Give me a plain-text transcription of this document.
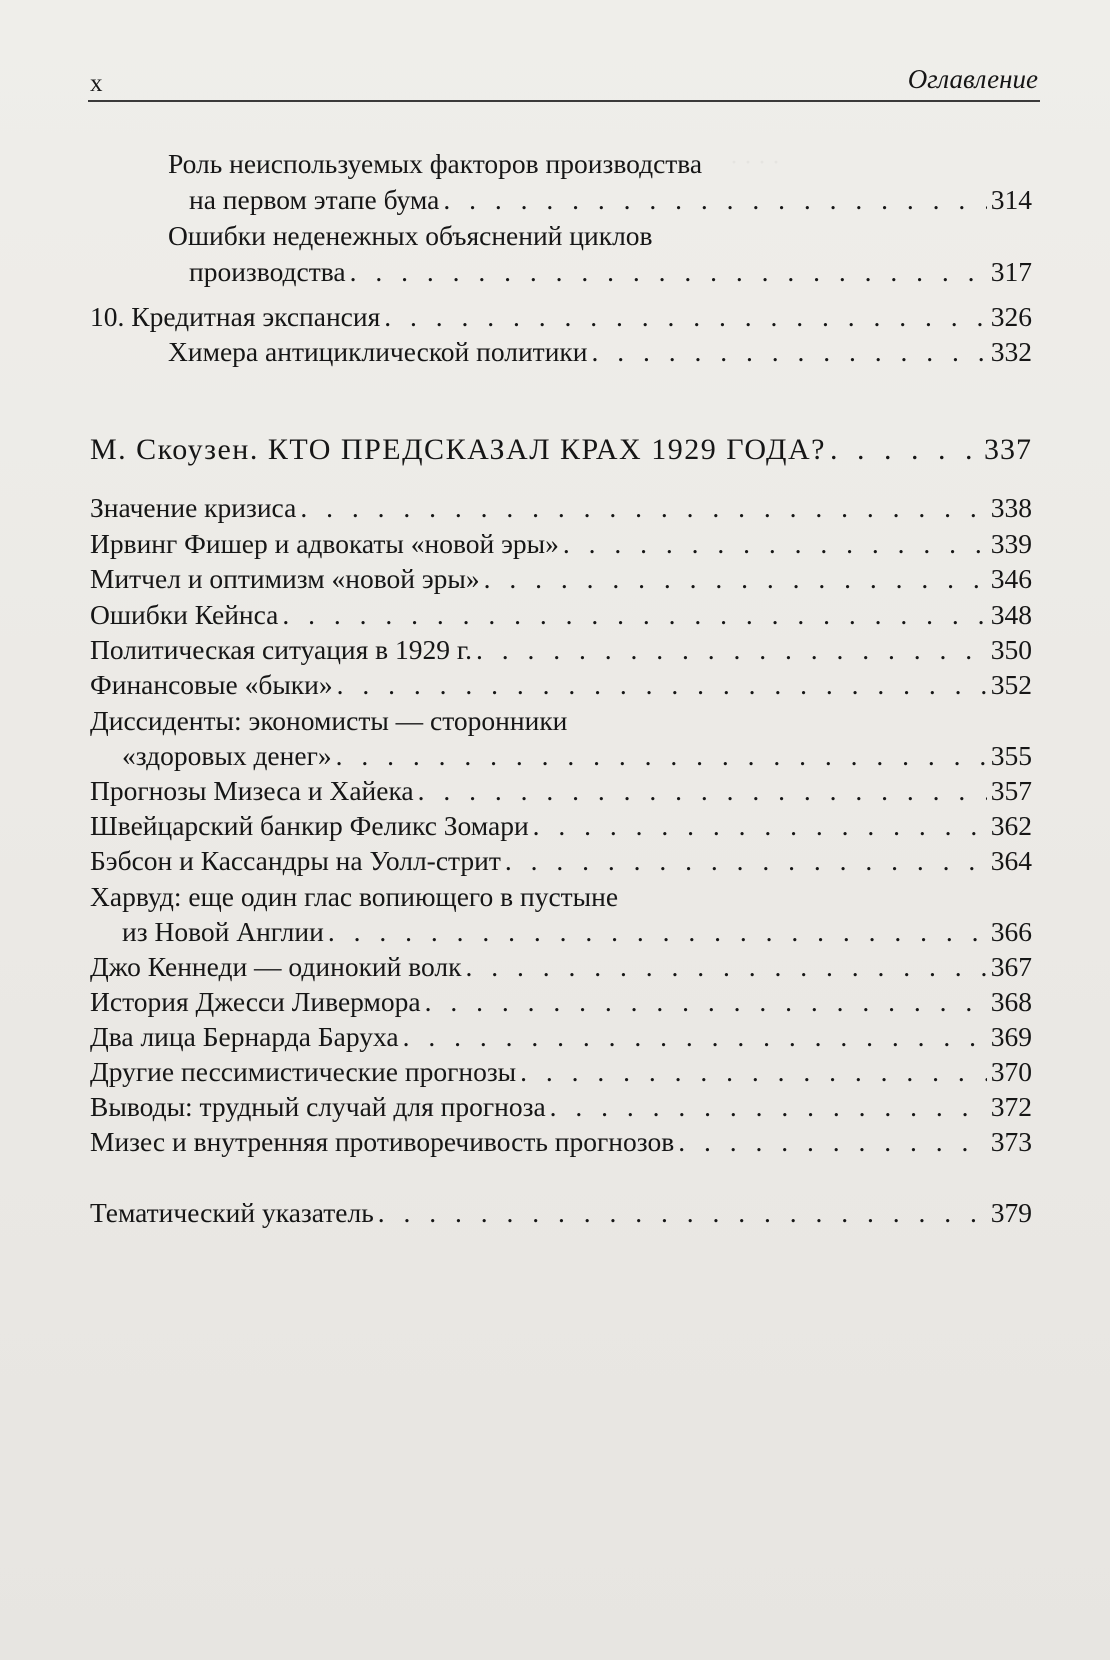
· · · ·
x	Оглавление
Роль неиспользуемых факторов производства
на первом этапе бума . . .	314
Ошибки неденежных объяснений циклов
производства . . .	317
10. Кредитная экспансия . . .	326
Химера антициклической политики . . .	332
М. Скоузен. КТО ПРЕДСКАЗАЛ КРАХ 1929 ГОДА? . . .	337
Значение кризиса . . .	338
Ирвинг Фишер и адвокаты «новой эры» . . .	339
Митчел и оптимизм «новой эры» . . .	346
Ошибки Кейнса . . .	348
Политическая ситуация в 1929 г. . . .	350
Финансовые «быки» . . .	352
Диссиденты: экономисты — сторонники
«здоровых денег» . . .	355
Прогнозы Мизеса и Хайека . . .	357
Швейцарский банкир Феликс Зомари . . .	362
Бэбсон и Кассандры на Уолл-стрит . . .	364
Харвуд: еще один глас вопиющего в пустыне
из Новой Англии . . .	366
Джо Кеннеди — одинокий волк . . .	367
История Джесси Ливермора . . .	368
Два лица Бернарда Баруха . . .	369
Другие пессимистические прогнозы . . .	370
Выводы: трудный случай для прогноза . . .	372
Мизес и внутренняя противоречивость прогнозов . . .	373
Тематический указатель . . .	379
